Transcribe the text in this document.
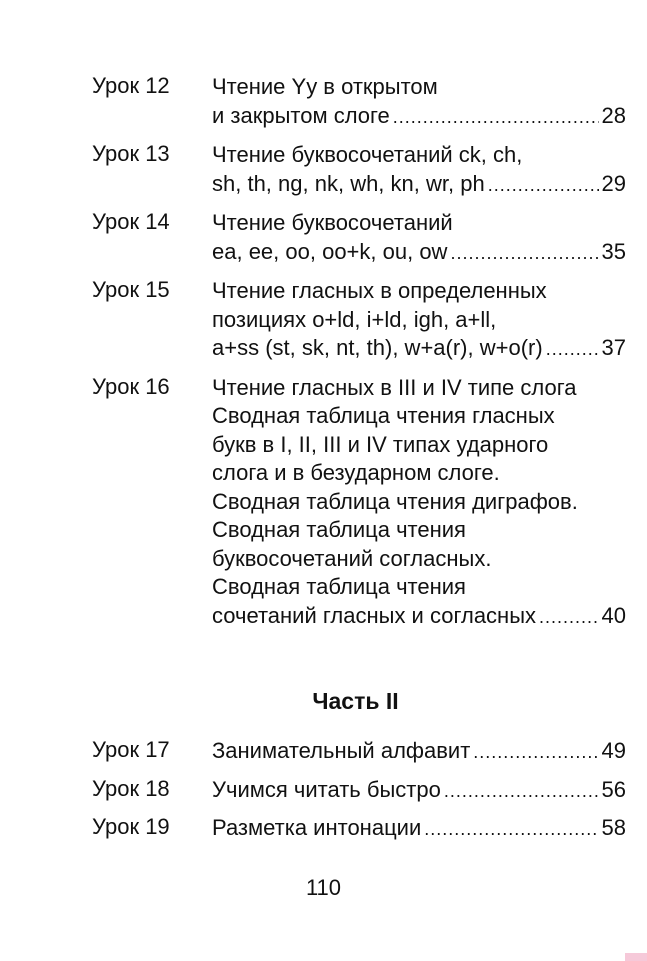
Урок 12 Чтение Yy в открытом
и закрытом слоге .....	28
Урок 13 Чтение буквосочетаний ck, ch,
sh, th, ng, nk, wh, kn, wr, ph .....	29
Урок 14 Чтение буквосочетаний
ea, ee, oo, oo+k, ou, ow .....	35
Урок 15 Чтение гласных в определенных
позициях o+ld, i+ld, igh, a+ll,
a+ss (st, sk, nt, th), w+a(r), w+o(r) .....	37
Урок 16 Чтение гласных в III и IV типе слога
Сводная таблица чтения гласных
букв в I, II, III и IV типах ударного
слога и в безударном слоге.
Сводная таблица чтения диграфов.
Сводная таблица чтения
буквосочетаний согласных.
Сводная таблица чтения
сочетаний гласных и согласных .....	40
Часть II
Урок 17 Занимательный алфавит .....	49
Урок 18 Учимся читать быстро .....	56
Урок 19 Разметка интонации .....	58
110
